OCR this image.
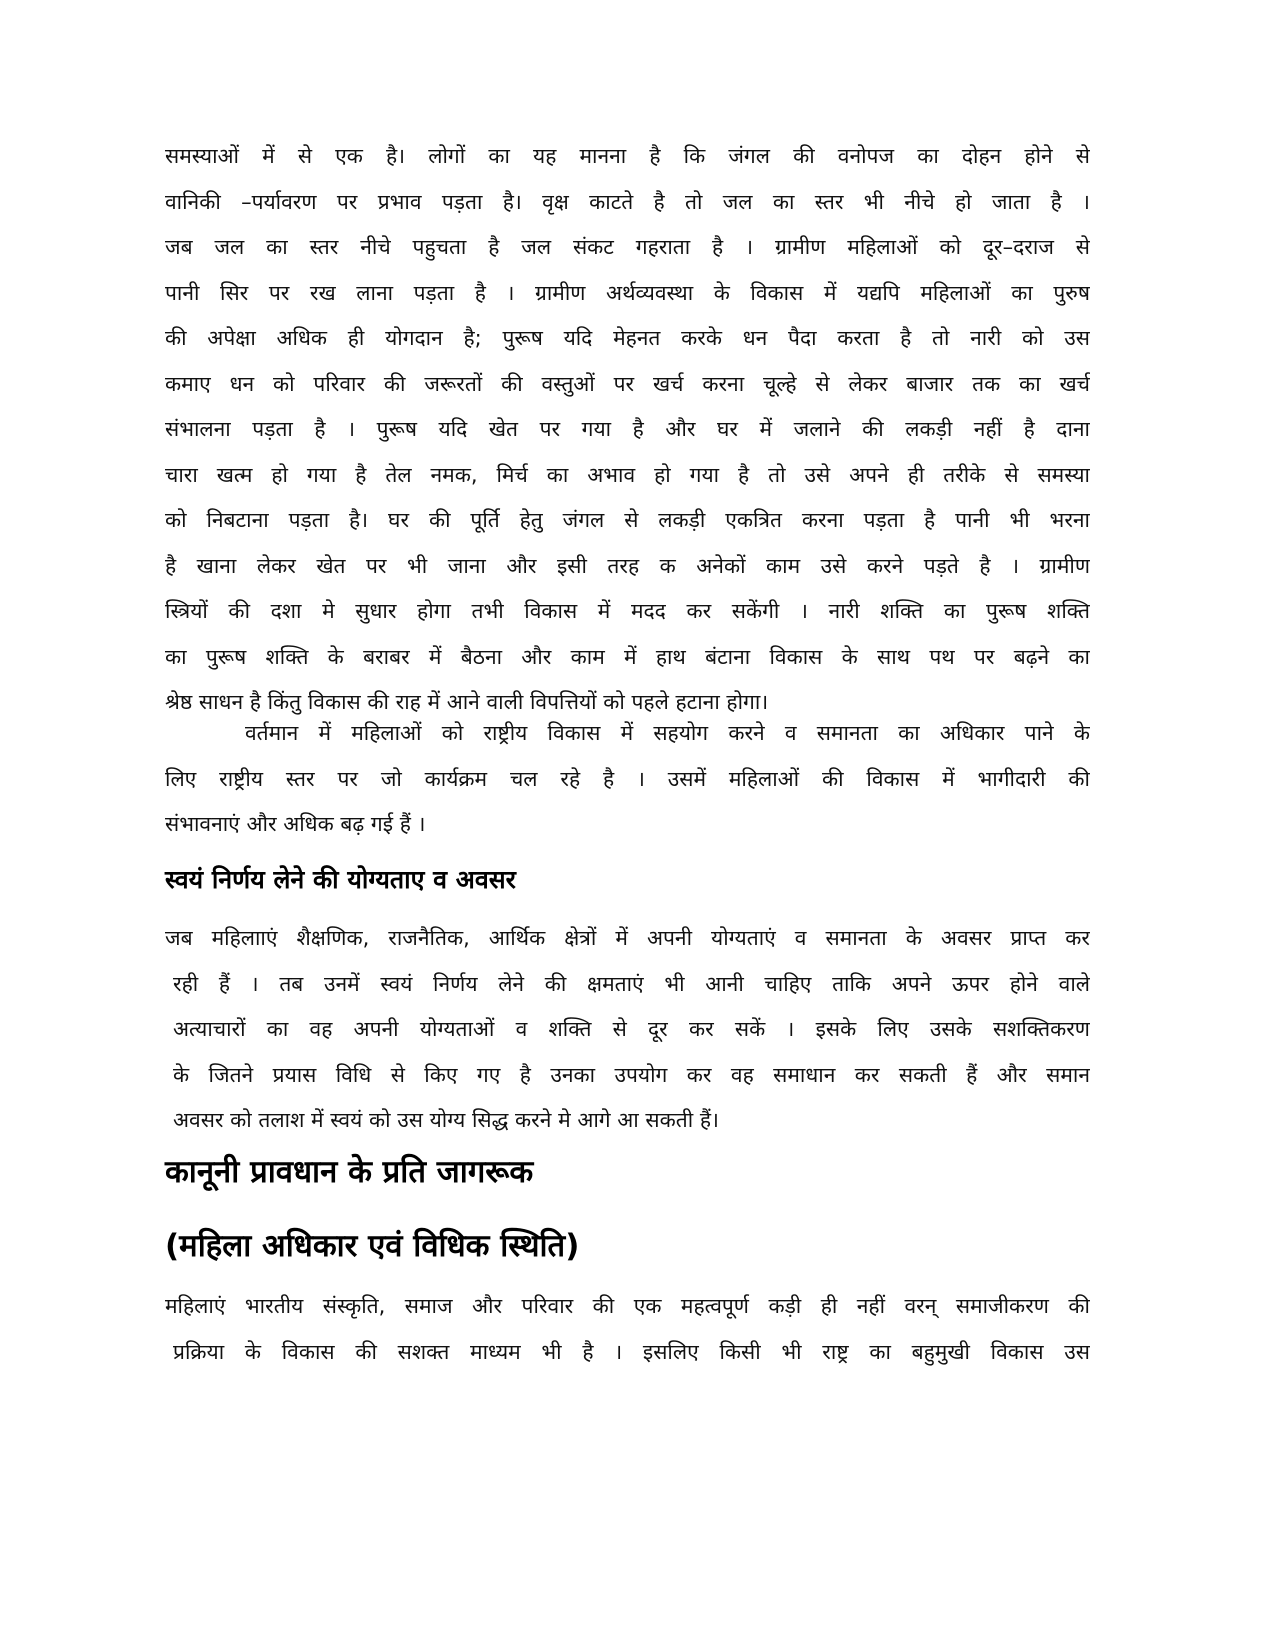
समस्याओं में से एक है। लोगों का यह मानना है कि जंगल की वनोपज का दोहन होने से
वानिकी –पर्यावरण पर प्रभाव पड़ता है। वृक्ष काटते है तो जल का स्तर भी नीचे हो जाता है ।
जब जल का स्तर नीचे पहुचता है जल संकट गहराता है । ग्रामीण महिलाओं को दूर–दराज से
पानी सिर पर रख लाना पड़ता है । ग्रामीण अर्थव्यवस्था के विकास में यद्यपि महिलाओं का पुरुष
की अपेक्षा अधिक ही योगदान है; पुरूष यदि मेहनत करके धन पैदा करता है तो नारी को उस
कमाए धन को परिवार की जरूरतों की वस्तुओं पर खर्च करना चूल्हे से लेकर बाजार तक का खर्च
संभालना पड़ता है । पुरूष यदि खेत पर गया है और घर में जलाने की लकड़ी नहीं है दाना
चारा खत्म हो गया है तेल नमक, मिर्च का अभाव हो गया है तो उसे अपने ही तरीके से समस्या
को निबटाना पड़ता है। घर की पूर्ति हेतु जंगल से लकड़ी एकत्रित करना पड़ता है पानी भी भरना
है खाना लेकर खेत पर भी जाना और इसी तरह क अनेकों काम उसे करने पड़ते है । ग्रामीण
स्त्रियों की दशा मे सुधार होगा तभी विकास में मदद कर सकेंगी । नारी शक्ति का पुरूष शक्ति
का पुरूष शक्ति के बराबर में बैठना और काम में हाथ बंटाना विकास के साथ पथ पर बढ़ने का
श्रेष्ठ साधन है किंतु विकास की राह में आने वाली विपत्तियों को पहले हटाना होगा।
वर्तमान में महिलाओं को राष्ट्रीय विकास में सहयोग करने व समानता का अधिकार पाने के
लिए राष्ट्रीय स्तर पर जो कार्यक्रम चल रहे है । उसमें महिलाओं की विकास में भागीदारी की
संभावनाएं और अधिक बढ़ गई हैं ।
स्वयं निर्णय लेने की योग्यताए व अवसर
जब महिलााएं शैक्षणिक, राजनैतिक, आर्थिक क्षेत्रों में अपनी योग्यताएं व समानता के अवसर प्राप्त कर
रही हैं । तब उनमें स्वयं निर्णय लेने की क्षमताएं भी आनी चाहिए ताकि अपने ऊपर होने वाले
अत्याचारों का वह अपनी योग्यताओं व शक्ति से दूर कर सकें । इसके लिए उसके सशक्तिकरण
के जितने प्रयास विधि से किए गए है उनका उपयोग कर वह समाधान कर सकती हैं और समान
अवसर को तलाश में स्वयं को उस योग्य सिद्ध करने मे आगे आ सकती हैं।
कानूनी प्रावधान के प्रति जागरूक
(महिला अधिकार एवं विधिक स्थिति)
महिलाएं भारतीय संस्कृति, समाज और परिवार की एक महत्वपूर्ण कड़ी ही नहीं वरन् समाजीकरण की
प्रक्रिया के विकास की सशक्त माध्यम भी है । इसलिए किसी भी राष्ट्र का बहुमुखी विकास उस
